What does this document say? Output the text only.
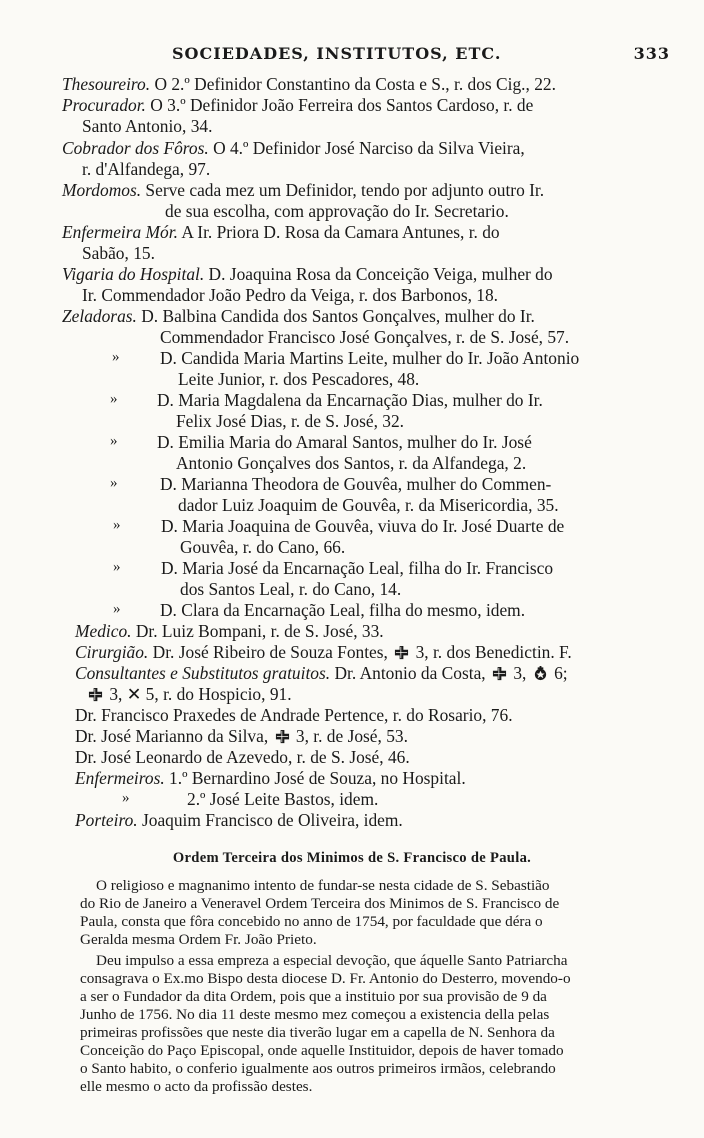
SOCIEDADES, INSTITUTOS, ETC.	333
Thesoureiro. O 2.º Definidor Constantino da Costa e S., r. dos Cig., 22.
Procurador. O 3.º Definidor João Ferreira dos Santos Cardoso, r. de
Santo Antonio, 34.
Cobrador dos Fôros. O 4.º Definidor José Narciso da Silva Vieira,
r. d'Alfandega, 97.
Mordomos. Serve cada mez um Definidor, tendo por adjunto outro Ir.
de sua escolha, com approvação do Ir. Secretario.
Enfermeira Mór. A Ir. Priora D. Rosa da Camara Antunes, r. do
Sabão, 15.
Vigaria do Hospital. D. Joaquina Rosa da Conceição Veiga, mulher do
Ir. Commendador João Pedro da Veiga, r. dos Barbonos, 18.
Zeladoras. D. Balbina Candida dos Santos Gonçalves, mulher do Ir.
Commendador Francisco José Gonçalves, r. de S. José, 57.
» D. Candida Maria Martins Leite, mulher do Ir. João Antonio
Leite Junior, r. dos Pescadores, 48.
» D. Maria Magdalena da Encarnação Dias, mulher do Ir.
Felix José Dias, r. de S. José, 32.
» D. Emilia Maria do Amaral Santos, mulher do Ir. José
Antonio Gonçalves dos Santos, r. da Alfandega, 2.
» D. Marianna Theodora de Gouvêa, mulher do Commen-
dador Luiz Joaquim de Gouvêa, r. da Misericordia, 35.
» D. Maria Joaquina de Gouvêa, viuva do Ir. José Duarte de
Gouvêa, r. do Cano, 66.
» D. Maria José da Encarnação Leal, filha do Ir. Francisco
dos Santos Leal, r. do Cano, 14.
» D. Clara da Encarnação Leal, filha do mesmo, idem.
Medico. Dr. Luiz Bompani, r. de S. José, 33.
Cirurgião. Dr. José Ribeiro de Souza Fontes,  3, r. dos Benedictin. F.
Consultantes e Substitutos gratuitos. Dr. Antonio da Costa,  3,  6;
3, ✕ 5, r. do Hospicio, 91.
Dr. Francisco Praxedes de Andrade Pertence, r. do Rosario, 76.
Dr. José Marianno da Silva,  3, r. de José, 53.
Dr. José Leonardo de Azevedo, r. de S. José, 46.
Enfermeiros. 1.º Bernardino José de Souza, no Hospital.
»	2.º José Leite Bastos, idem.
Porteiro. Joaquim Francisco de Oliveira, idem.
Ordem Terceira dos Minimos de S. Francisco de Paula.
O religioso e magnanimo intento de fundar-se nesta cidade de S. Sebastião
do Rio de Janeiro a Veneravel Ordem Terceira dos Minimos de S. Francisco de
Paula, consta que fôra concebido no anno de 1754, por faculdade que déra o
Geralda mesma Ordem Fr. João Prieto.
Deu impulso a essa empreza a especial devoção, que áquelle Santo Patriarcha
consagrava o Ex.mo Bispo desta diocese D. Fr. Antonio do Desterro, movendo-o
a ser o Fundador da dita Ordem, pois que a instituio por sua provisão de 9 da
Junho de 1756. No dia 11 deste mesmo mez começou a existencia della pelas
primeiras profissões que neste dia tiverão lugar em a capella de N. Senhora da
Conceição do Paço Episcopal, onde aquelle Instituidor, depois de haver tomado
o Santo habito, o conferio igualmente aos outros primeiros irmãos, celebrando
elle mesmo o acto da profissão destes.
